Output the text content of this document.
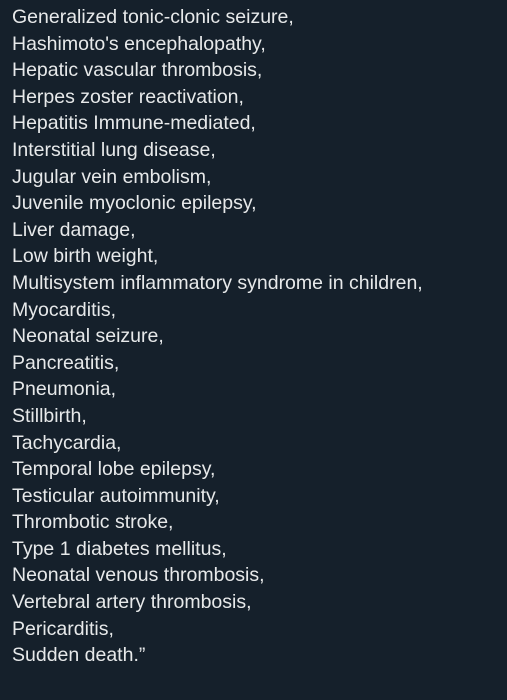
Generalized tonic-clonic seizure,
Hashimoto's encephalopathy,
Hepatic vascular thrombosis,
Herpes zoster reactivation,
Hepatitis Immune-mediated,
Interstitial lung disease,
Jugular vein embolism,
Juvenile myoclonic epilepsy,
Liver damage,
Low birth weight,
Multisystem inflammatory syndrome in children,
Myocarditis,
Neonatal seizure,
Pancreatitis,
Pneumonia,
Stillbirth,
Tachycardia,
Temporal lobe epilepsy,
Testicular autoimmunity,
Thrombotic stroke,
Type 1 diabetes mellitus,
Neonatal venous thrombosis,
Vertebral artery thrombosis,
Pericarditis,
Sudden death.”
